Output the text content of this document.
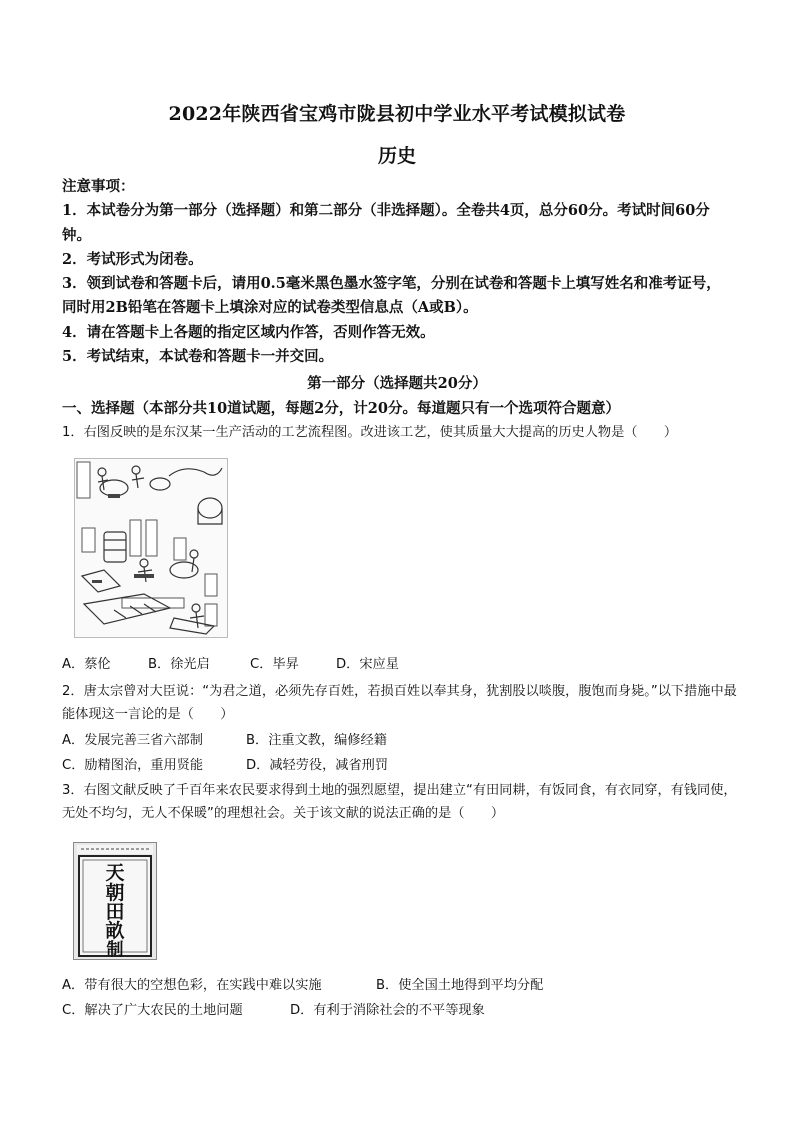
2022年陕西省宝鸡市陇县初中学业水平考试模拟试卷
历史

注意事项：

1．本试卷分为第一部分（选择题）和第二部分（非选择题）。全卷共4页，总分60分。考试时间60分钟。

2．考试形式为闭卷。

3．领到试卷和答题卡后，请用0.5毫米黑色墨水签字笔，分别在试卷和答题卡上填写姓名和准考证号，同时用2B铅笔在答题卡上填涂对应的试卷类型信息点（A或B）。

4．请在答题卡上各题的指定区域内作答，否则作答无效。

5．考试结束，本试卷和答题卡一并交回。

第一部分（选择题共20分）
一、选择题（本部分共10道试题，每题2分，计20分。每道题只有一个选项符合题意）

1．右图反映的是东汉某一生产活动的工艺流程图。改进该工艺，使其质量大大提高的历史人物是（　　）

A．蔡伦	B．徐光启	C．毕昇	D．宋应星

2．唐太宗曾对大臣说：“为君之道，必须先存百姓，若损百姓以奉其身，犹割股以啖腹，腹饱而身毙。”以下措施中最能体现这一言论的是（　　）

A．发展完善三省六部制	B．注重文教，编修经籍
C．励精图治，重用贤能	D．减轻劳役，减省刑罚

3．右图文献反映了千百年来农民要求得到土地的强烈愿望，提出建立“有田同耕，有饭同食，有衣同穿，有钱同使，无处不均匀，无人不保暖”的理想社会。关于该文献的说法正确的是（　　）

天
朝
田
畝
制
A．带有很大的空想色彩，在实践中难以实施	B．使全国土地得到平均分配
C．解决了广大农民的土地问题	D．有利于消除社会的不平等现象
